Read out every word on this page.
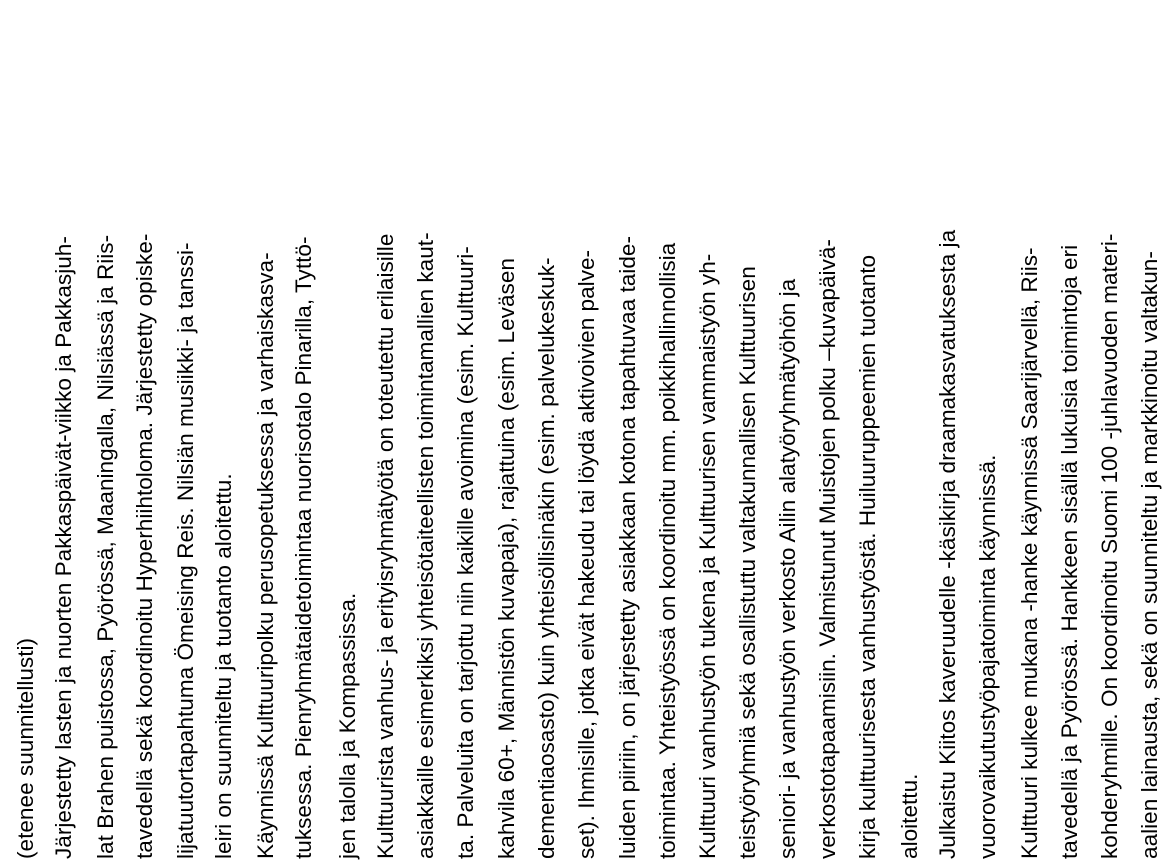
(etenee suunnitellusti) Järjestetty lasten ja nuorten Pakkaspäivät-viikko ja Pakkasjuh- lat Brahen puistossa, Pyörössä, Maaningalla, Nilsiässä ja Riis- tavedellä sekä koordinoitu Hyperhiihtoloma. Järjestetty opiske- lijatuutortapahtuma Ömeising Reis. Nilsiän musiikki- ja tanssi- leiri on suunniteltu ja tuotanto aloitettu. Käynnissä Kulttuuripolku perusopetuksessa ja varhaiskasva- tuksessa. Pienryhmätaidetoimintaa nuorisotalo Pinarilla, Tyttö- jen talolla ja Kompassissa. Kulttuurista vanhus- ja erityisryhmätyötä on toteutettu erilaisille asiakkaille esimerkiksi yhteisötaiteellisten toimintamallien kaut- ta. Palveluita on tarjottu niin kaikille avoimina (esim. Kulttuuri- kahvila 60+, Männistön kuvapaja), rajattuina (esim. Leväsen dementiaosasto) kuin yhteisöllisinäkin (esim. palvelukeskuk- set). Ihmisille, jotka eivät hakeudu tai löydä aktivoivien palve- luiden piiriin, on järjestetty asiakkaan kotona tapahtuvaa taide- toimintaa. Yhteistyössä on koordinoitu mm. poikkihallinnollisia Kulttuuri vanhustyön tukena ja Kulttuurisen vammaistyön yh- teistyöryhmiä sekä osallistuttu valtakunnallisen Kulttuurisen seniori- ja vanhustyön verkosto Ailin alatyöryhmätyöhön ja verkostotapaamisiin. Valmistunut Muistojen polku –kuvapäivä- kirja kulttuurisesta vanhustyöstä. Huiluuruppeemien tuotanto aloitettu. Julkaistu Kiitos kaveruudelle -käsikirja draamakasvatuksesta ja vuorovaikutustyöpajatoiminta käynnissä. Kulttuuri kulkee mukana -hanke käynnissä Saarijärvellä, Riis- tavedellä ja Pyörössä. Hankkeen sisällä lukuisia toimintoja eri kohderyhmille. On koordinoitu Suomi 100 -juhlavuoden materi- aalien lainausta, sekä on suunniteltu ja markkinoitu valtakun-
